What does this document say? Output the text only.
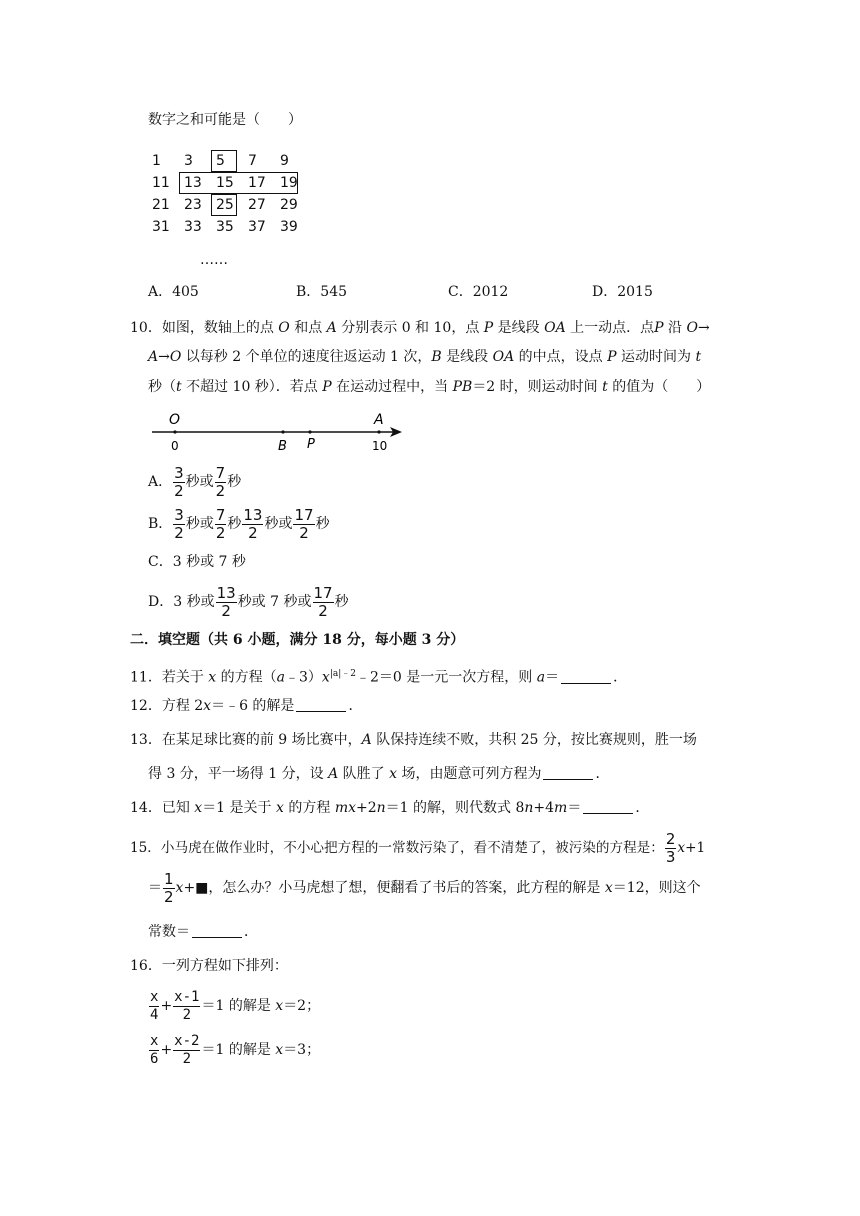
数字之和可能是（　　）
1	3	5	7	9
11	13	15	17	19
21	23	25	27	29
31	33	35	37	39
……
A．405	B．545	C．2012	D．2015
10．如图，数轴上的点 O 和点 A 分别表示 0 和 10，点 P 是线段 OA 上一动点．点P 沿 O→
A→O 以每秒 2 个单位的速度往返运动 1 次，B 是线段 OA 的中点，设点 P 运动时间为 t
秒（t 不超过 10 秒）．若点 P 在运动过程中，当 PB＝2 时，则运动时间 t 的值为（　　）
O
0	B P
A
10
A． $\frac{3}{2}$ 秒或 $\frac{7}{2}$ 秒
B． $\frac{3}{2}$ 秒或 $\frac{7}{2}$ 秒 $\frac{13}{2}$ 秒或 $\frac{17}{2}$ 秒
C．3 秒或 7 秒
D．3 秒或 $\frac{13}{2}$ 秒或 7 秒或 $\frac{17}{2}$ 秒
二．填空题（共 6 小题，满分 18 分，每小题 3 分）
11．若关于 x 的方程$(a﹣3)x^{|a|﹣2}﹣2=0$ 是一元一次方程，则 a＝	．
12．方程 2x＝﹣6 的解是	．
13．在某足球比赛的前 9 场比赛中，A 队保持连续不败，共积 25 分，按比赛规则，胜一场
得 3 分，平一场得 1 分，设 A 队胜了 x 场，由题意可列方程为	．
14．已知 x＝1 是关于 x 的方程 mx+2n＝1 的解，则代数式 8n+4m＝	．
15．小马虎在做作业时，不小心把方程的一常数污染了，看不清楚了，被污染的方程是： $\frac{2}{3} x+1$
＝ $\frac{1}{2}$ x+■，怎么办？小马虎想了想，便翻看了书后的答案，此方程的解是 x＝12，则这个
常数＝	．
16．一列方程如下排列：
$\frac{x}{4} + \frac{x-1}{2} =1$ 的解是 x＝2；
$\frac{x}{6} + \frac{x-2}{2} =1$ 的解是 x＝3；
